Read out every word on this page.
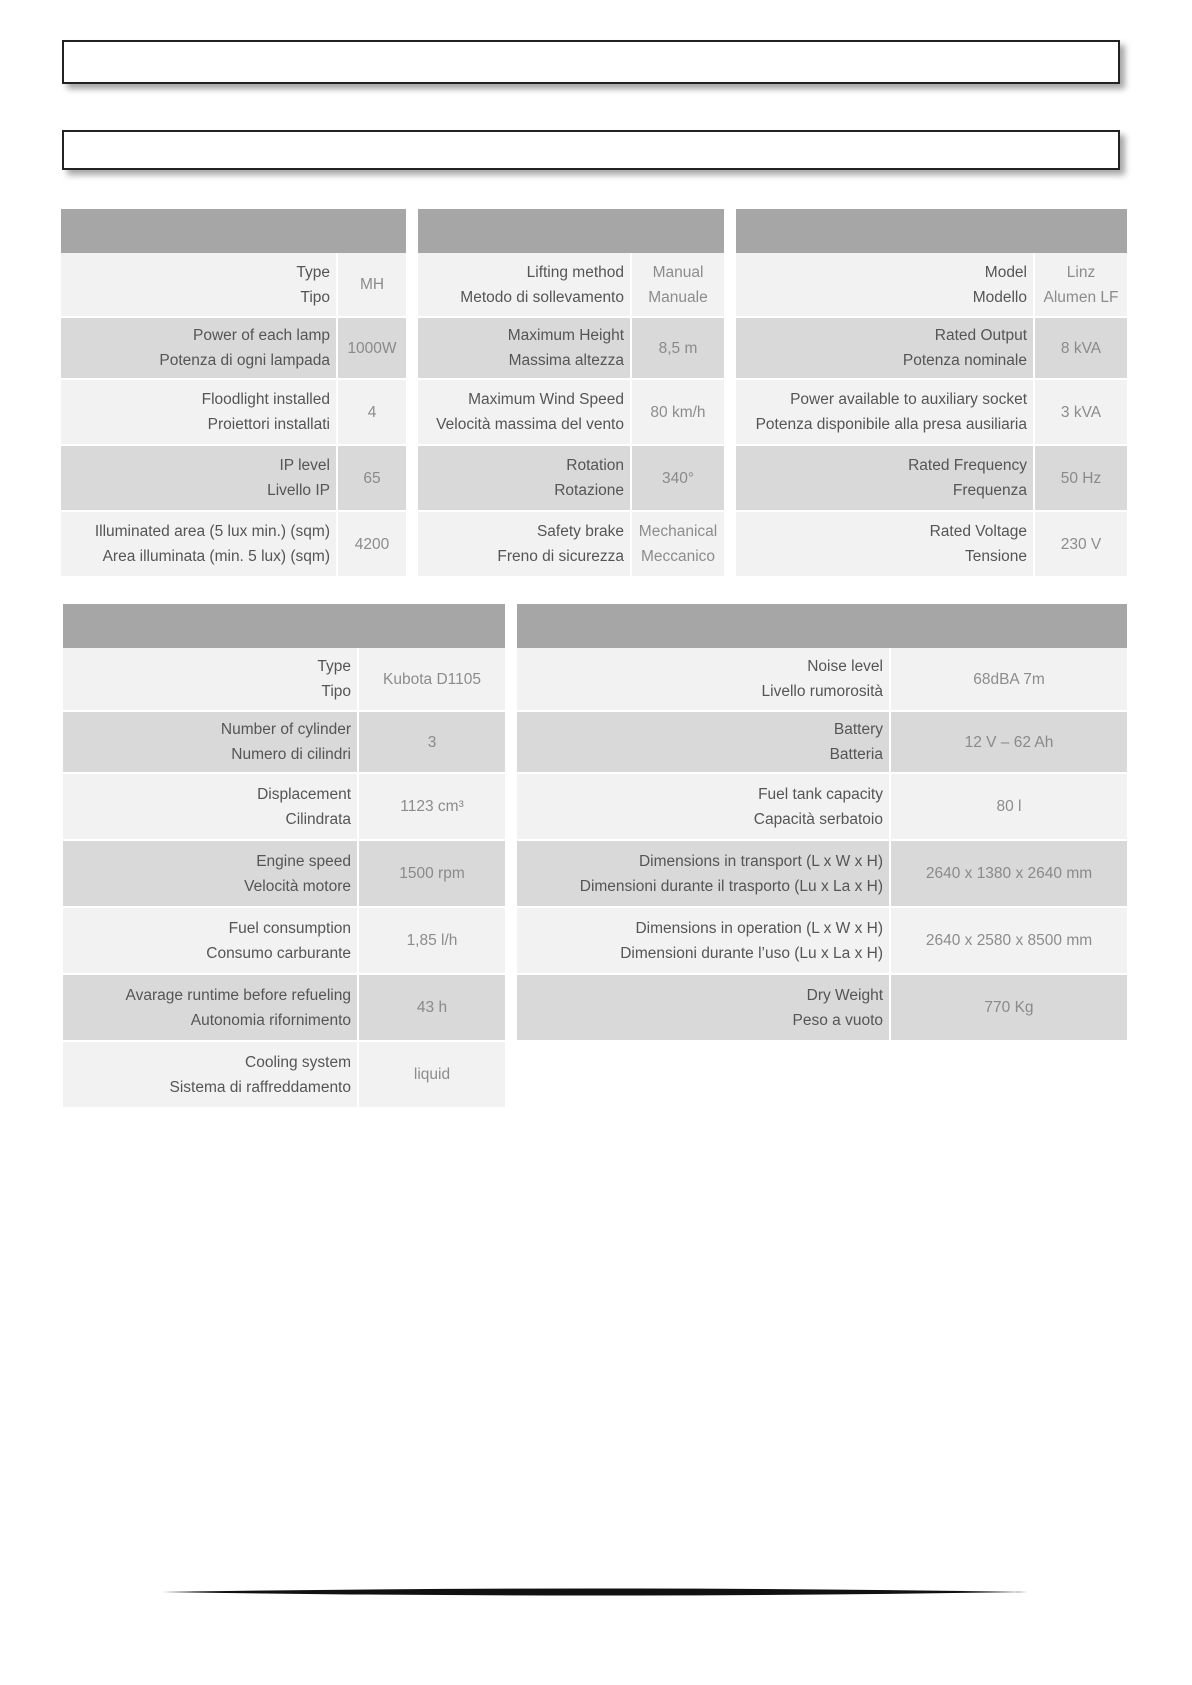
Type
Tipo	MH

Power of each lamp
Potenza di ogni lampada	1000W

Floodlight installed
Proiettori installati	4

IP level
Livello IP	65

Illuminated area (5 lux min.) (sqm)
Area illuminata (min. 5 lux) (sqm)	4200

Lifting method
Metodo di sollevamento	Manual
Manuale

Maximum Height
Massima altezza	8,5 m

Maximum Wind Speed
Velocità massima del vento	80 km/h

Rotation
Rotazione	340°

Safety brake
Freno di sicurezza	Mechanical
Meccanico

Model
Modello	Linz
Alumen LF

Rated Output
Potenza nominale	8 kVA

Power available to auxiliary socket
Potenza disponibile alla presa ausiliaria	3 kVA

Rated Frequency
Frequenza	50 Hz

Rated Voltage
Tensione	230 V

Type
Tipo	Kubota D1105

Number of cylinder
Numero di cilindri	3

Displacement
Cilindrata	1123 cm³

Engine speed
Velocità motore	1500 rpm

Fuel consumption
Consumo carburante	1,85 l/h

Avarage runtime before refueling
Autonomia rifornimento	43 h

Cooling system
Sistema di raffreddamento	liquid

Noise level
Livello rumorosità	68dBA 7m

Battery
Batteria	12 V – 62 Ah

Fuel tank capacity
Capacità serbatoio	80 l

Dimensions in transport (L x W x H)
Dimensioni durante il trasporto (Lu x La x H)	2640 x 1380 x 2640 mm

Dimensions in operation (L x W x H)
Dimensioni durante l’uso (Lu x La x H)	2640 x 2580 x 8500 mm

Dry Weight
Peso a vuoto	770 Kg
